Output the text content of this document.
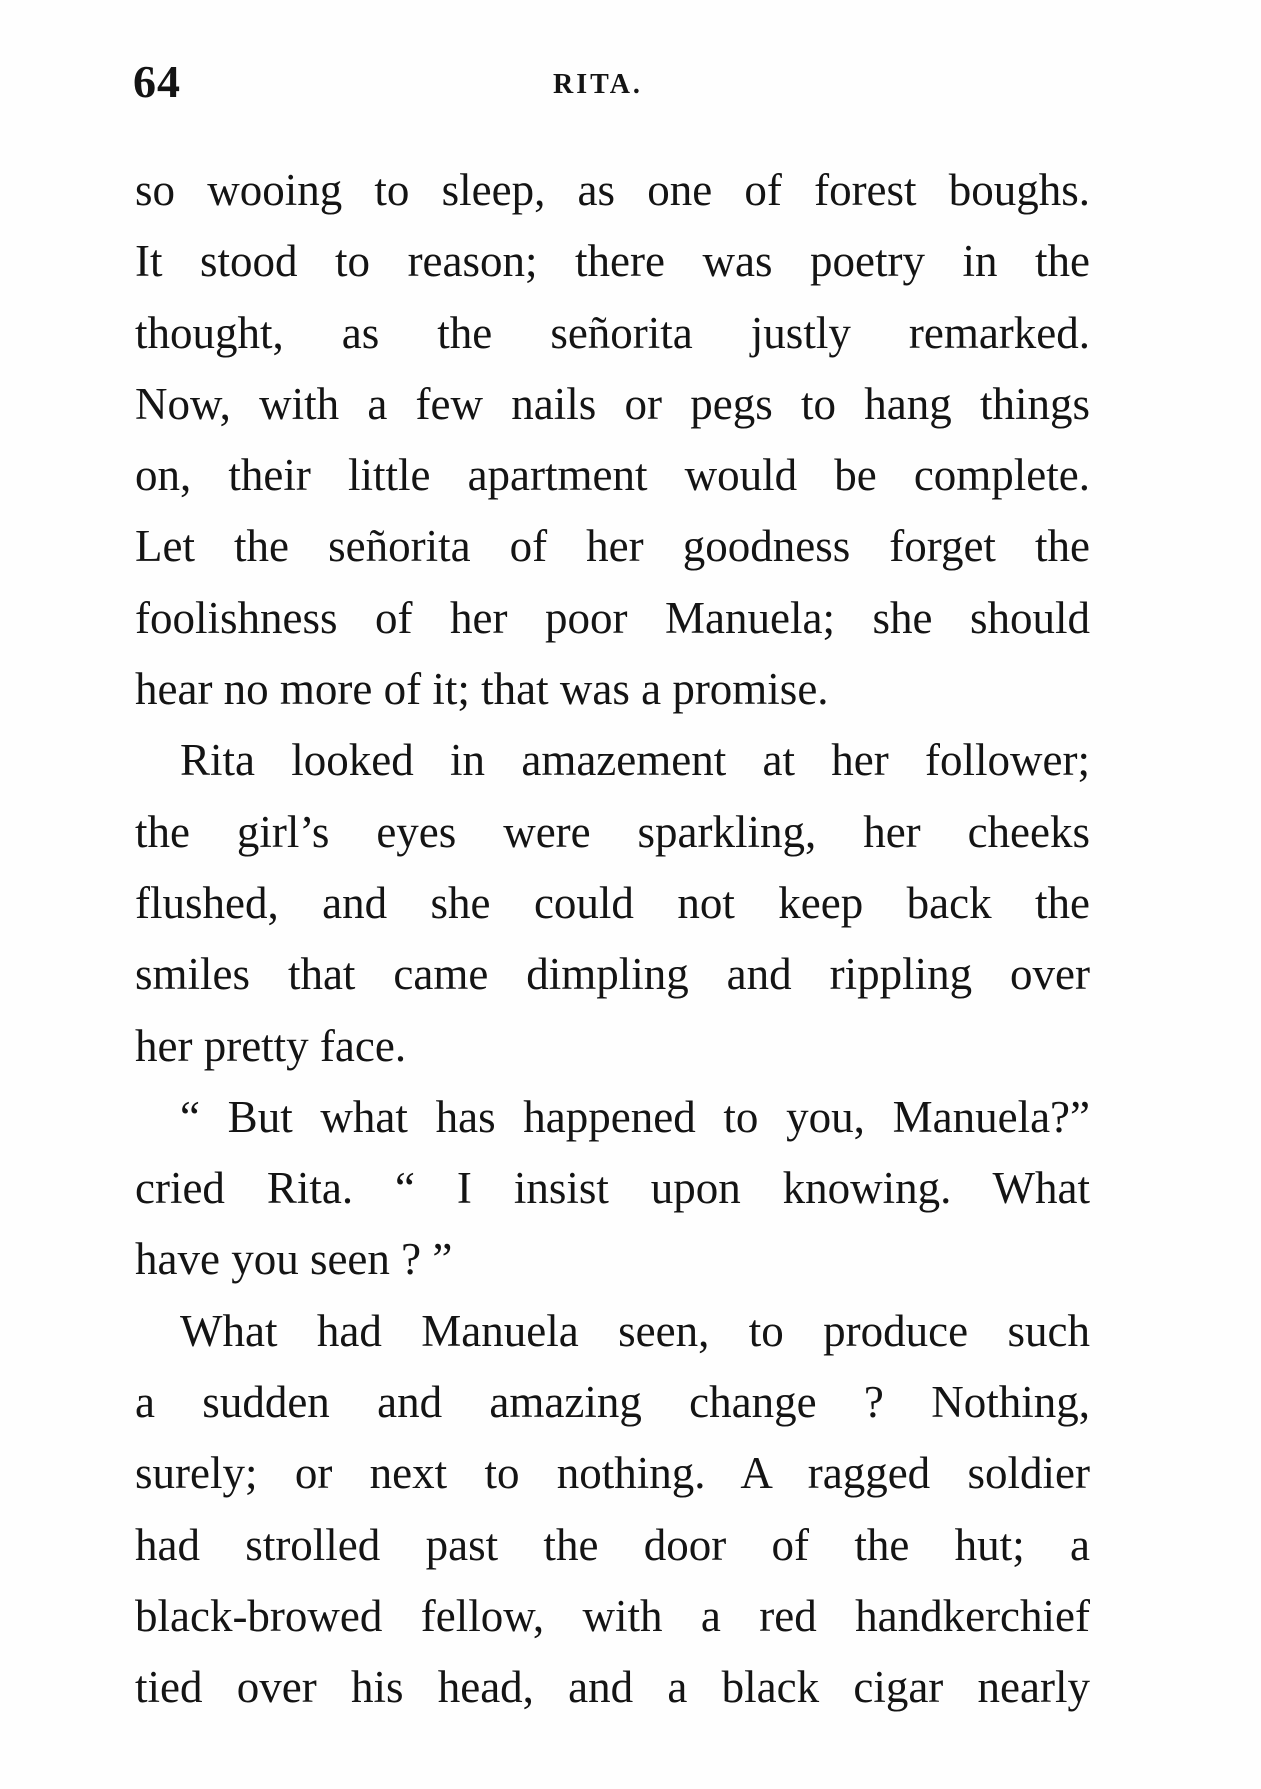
64	RITA.
so wooing to sleep, as one of forest boughs.
It stood to reason; there was poetry in the
thought, as the señorita justly remarked.
Now, with a few nails or pegs to hang things
on, their little apartment would be complete.
Let the señorita of her goodness forget the
foolishness of her poor Manuela; she should
hear no more of it; that was a promise.
Rita looked in amazement at her follower;
the girl’s eyes were sparkling, her cheeks
flushed, and she could not keep back the
smiles that came dimpling and rippling over
her pretty face.
“ But what has happened to you, Manuela?”
cried Rita. “ I insist upon knowing. What
have you seen ? ”
What had Manuela seen, to produce such
a sudden and amazing change ? Nothing,
surely; or next to nothing. A ragged soldier
had strolled past the door of the hut; a
black-browed fellow, with a red handkerchief
tied over his head, and a black cigar nearly
